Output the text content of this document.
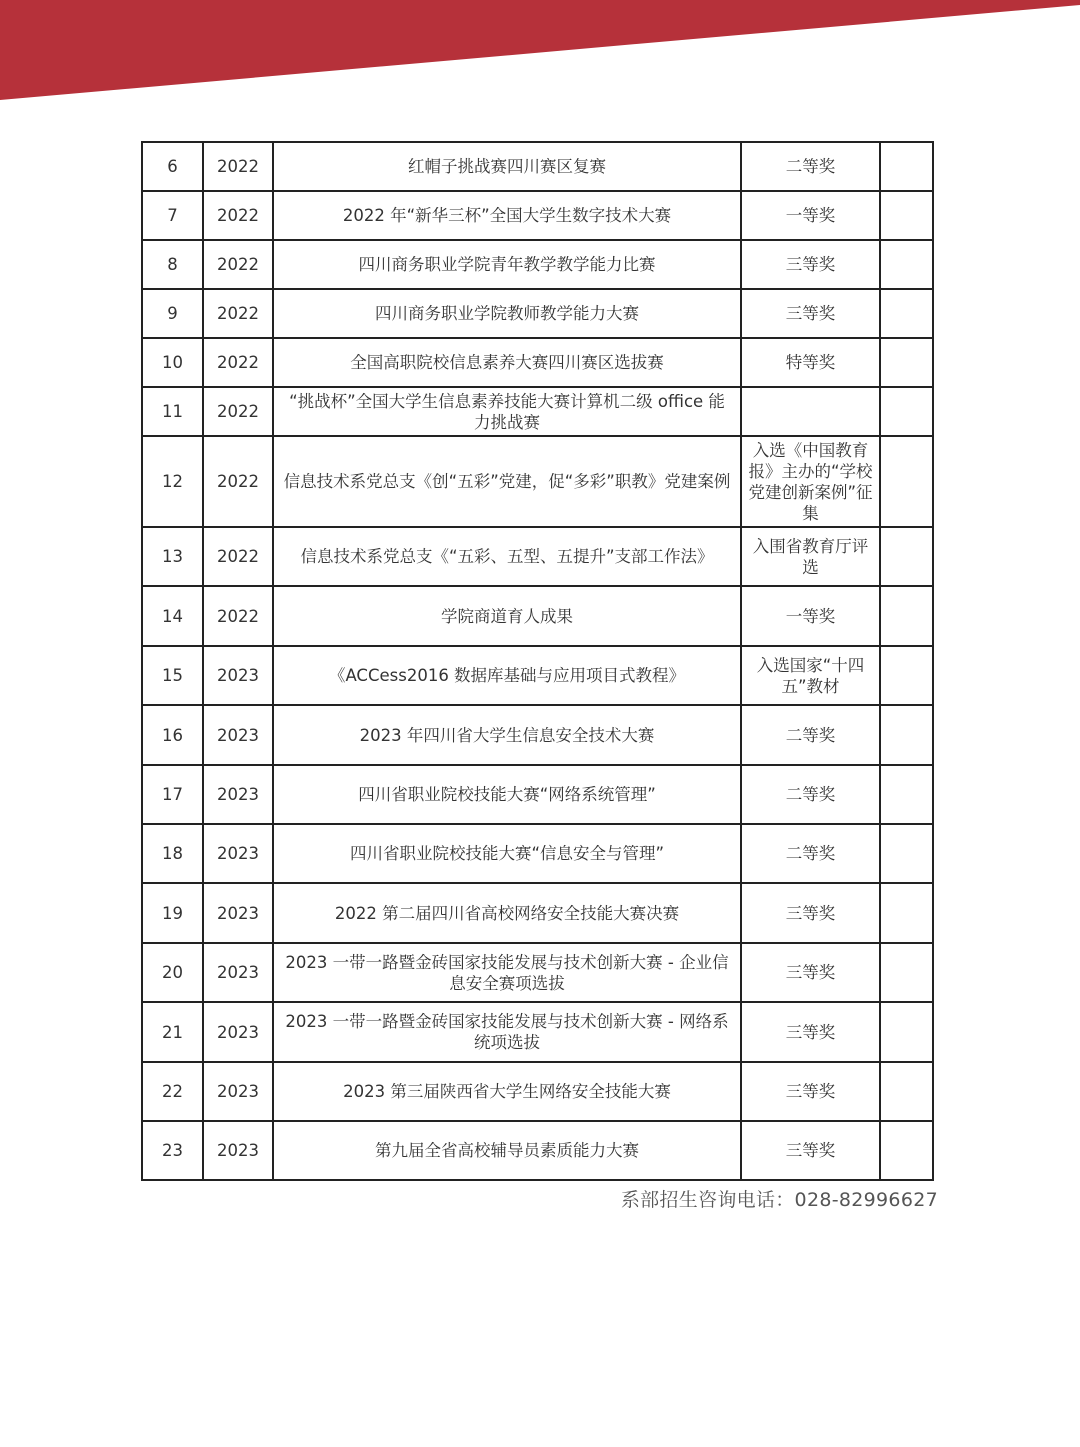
6	2022	红帽子挑战赛四川赛区复赛	二等奖	
7	2022	2022 年“新华三杯”全国大学生数字技术大赛	一等奖	
8	2022	四川商务职业学院青年教学教学能力比赛	三等奖	
9	2022	四川商务职业学院教师教学能力大赛	三等奖	
10	2022	全国高职院校信息素养大赛四川赛区选拔赛	特等奖	
11	2022	“挑战杯”全国大学生信息素养技能大赛计算机二级 office 能力挑战赛		
12	2022	信息技术系党总支《创“五彩”党建，促“多彩”职教》党建案例	入选《中国教育报》主办的“学校党建创新案例”征集	
13	2022	信息技术系党总支《“五彩、五型、五提升”支部工作法》	入围省教育厅评选	
14	2022	学院商道育人成果	一等奖	
15	2023	《ACCess2016 数据库基础与应用项目式教程》	入选国家“十四五”教材	
16	2023	2023 年四川省大学生信息安全技术大赛	二等奖	
17	2023	四川省职业院校技能大赛“网络系统管理”	二等奖	
18	2023	四川省职业院校技能大赛“信息安全与管理”	二等奖	
19	2023	2022 第二届四川省高校网络安全技能大赛决赛	三等奖	
20	2023	2023 一带一路暨金砖国家技能发展与技术创新大赛 - 企业信息安全赛项选拔	三等奖	
21	2023	2023 一带一路暨金砖国家技能发展与技术创新大赛 - 网络系统项选拔	三等奖	
22	2023	2023 第三届陕西省大学生网络安全技能大赛	三等奖	
23	2023	第九届全省高校辅导员素质能力大赛	三等奖	
系部招生咨询电话：028-82996627
